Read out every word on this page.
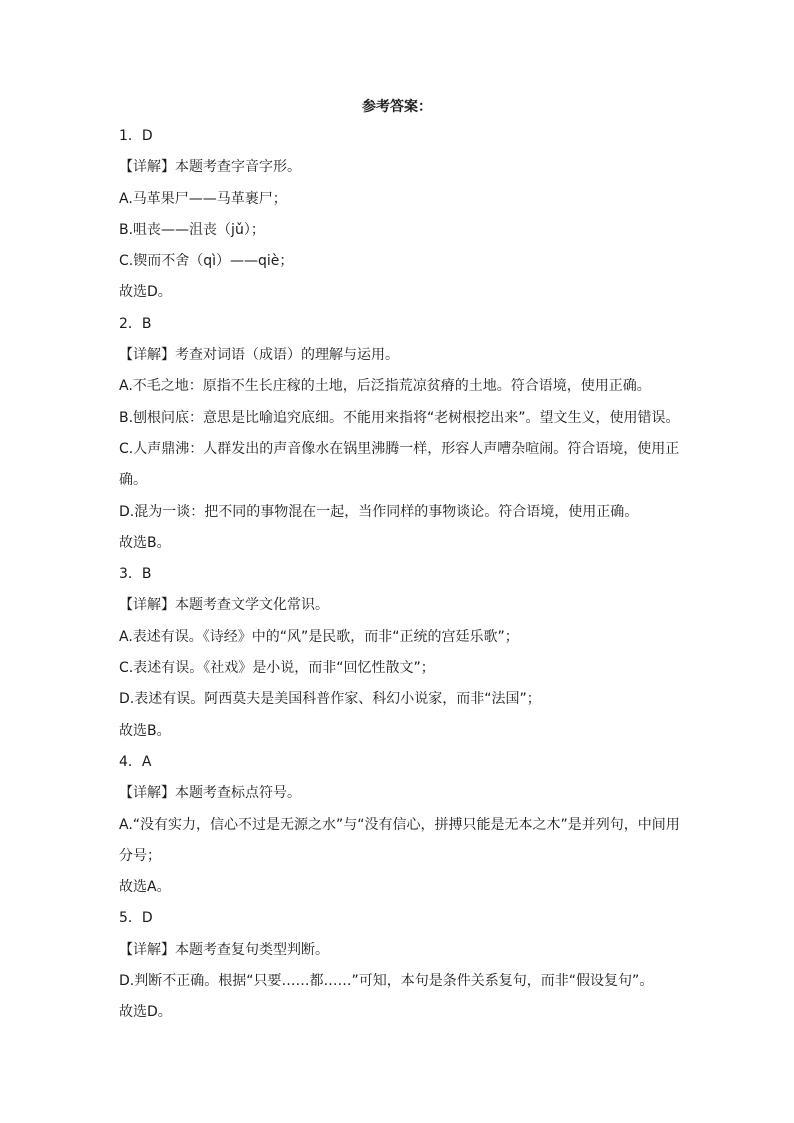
参考答案：
1．D
【详解】本题考查字音字形。
A.马革果尸——马革裹尸；
B.咀丧——沮丧（jǔ）；
C.锲而不舍（qì）——qiè；
故选D。
2．B
【详解】考查对词语（成语）的理解与运用。
A.不毛之地：原指不生长庄稼的土地，后泛指荒凉贫瘠的土地。符合语境，使用正确。
B.刨根问底：意思是比喻追究底细。不能用来指将“老树根挖出来”。望文生义，使用错误。
C.人声鼎沸：人群发出的声音像水在锅里沸腾一样，形容人声嘈杂喧闹。符合语境，使用正
确。
D.混为一谈：把不同的事物混在一起，当作同样的事物谈论。符合语境，使用正确。
故选B。
3．B
【详解】本题考查文学文化常识。
A.表述有误。《诗经》中的“风”是民歌，而非“正统的宫廷乐歌”；
C.表述有误。《社戏》是小说，而非“回忆性散文”；
D.表述有误。阿西莫夫是美国科普作家、科幻小说家，而非“法国”；
故选B。
4．A
【详解】本题考查标点符号。
A.“没有实力，信心不过是无源之水”与“没有信心，拼搏只能是无本之木”是并列句，中间用
分号；
故选A。
5．D
【详解】本题考查复句类型判断。
D.判断不正确。根据“只要……都……”可知，本句是条件关系复句，而非“假设复句”。
故选D。
